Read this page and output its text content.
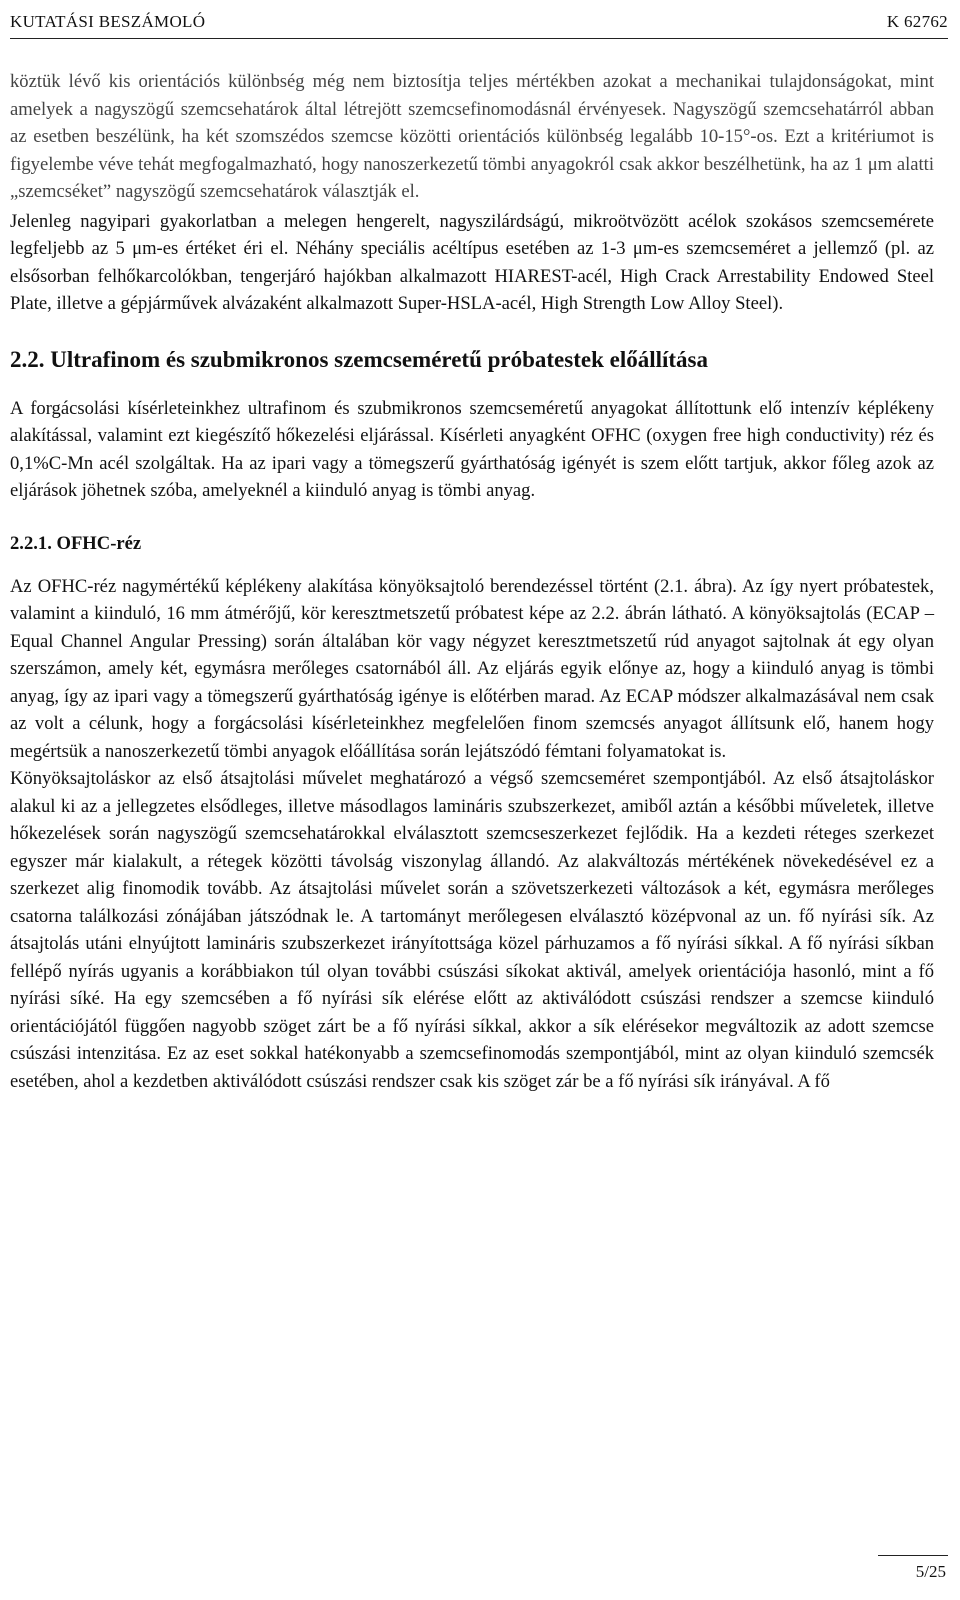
KUTATÁSI BESZÁMOLÓ	K 62762

köztük lévő kis orientációs különbség még nem biztosítja teljes mértékben azokat a mechanikai tulajdonságokat, mint amelyek a nagyszögű szemcsehatárok által létrejött szemcsefinomodásnál érvényesek. Nagyszögű szemcsehatárról abban az esetben beszélünk, ha két szomszédos szemcse közötti orientációs különbség legalább 10-15°-os. Ezt a kritériumot is figyelembe véve tehát megfogalmazható, hogy nanoszerkezetű tömbi anyagokról csak akkor beszélhetünk, ha az 1 μm alatti „szemcséket” nagyszögű szemcsehatárok választják el.

Jelenleg nagyipari gyakorlatban a melegen hengerelt, nagyszilárdságú, mikroötvözött acélok szokásos szemcsemérete legfeljebb az 5 μm-es értéket éri el. Néhány speciális acéltípus esetében az 1-3 μm-es szemcseméret a jellemző (pl. az elsősorban felhőkarcolókban, tengerjáró hajókban alkalmazott HIAREST-acél, High Crack Arrestability Endowed Steel Plate, illetve a gépjárművek alvázaként alkalmazott Super-HSLA-acél, High Strength Low Alloy Steel).

2.2. Ultrafinom és szubmikronos szemcseméretű próbatestek előállítása

A forgácsolási kísérleteinkhez ultrafinom és szubmikronos szemcseméretű anyagokat állítottunk elő intenzív képlékeny alakítással, valamint ezt kiegészítő hőkezelési eljárással. Kísérleti anyagként OFHC (oxygen free high conductivity) réz és 0,1%C-Mn acél szolgáltak. Ha az ipari vagy a tömegszerű gyárthatóság igényét is szem előtt tartjuk, akkor főleg azok az eljárások jöhetnek szóba, amelyeknél a kiinduló anyag is tömbi anyag.

2.2.1. OFHC-réz

Az OFHC-réz nagymértékű képlékeny alakítása könyöksajtoló berendezéssel történt (2.1. ábra). Az így nyert próbatestek, valamint a kiinduló, 16 mm átmérőjű, kör keresztmetszetű próbatest képe az 2.2. ábrán látható. A könyöksajtolás (ECAP – Equal Channel Angular Pressing) során általában kör vagy négyzet keresztmetszetű rúd anyagot sajtolnak át egy olyan szerszámon, amely két, egymásra merőleges csatornából áll. Az eljárás egyik előnye az, hogy a kiinduló anyag is tömbi anyag, így az ipari vagy a tömegszerű gyárthatóság igénye is előtérben marad. Az ECAP módszer alkalmazásával nem csak az volt a célunk, hogy a forgácsolási kísérleteinkhez megfelelően finom szemcsés anyagot állítsunk elő, hanem hogy megértsük a nanoszerkezetű tömbi anyagok előállítása során lejátszódó fémtani folyamatokat is.

Könyöksajtoláskor az első átsajtolási művelet meghatározó a végső szemcseméret szempontjából. Az első átsajtoláskor alakul ki az a jellegzetes elsődleges, illetve másodlagos lamináris szubszerkezet, amiből aztán a későbbi műveletek, illetve hőkezelések során nagyszögű szemcsehatárokkal elválasztott szemcseszerkezet fejlődik. Ha a kezdeti réteges szerkezet egyszer már kialakult, a rétegek közötti távolság viszonylag állandó. Az alakváltozás mértékének növekedésével ez a szerkezet alig finomodik tovább. Az átsajtolási művelet során a szövetszerkezeti változások a két, egymásra merőleges csatorna találkozási zónájában játszódnak le. A tartományt merőlegesen elválasztó középvonal az un. fő nyírási sík. Az átsajtolás utáni elnyújtott lamináris szubszerkezet irányítottsága közel párhuzamos a fő nyírási síkkal. A fő nyírási síkban fellépő nyírás ugyanis a korábbiakon túl olyan további csúszási síkokat aktivál, amelyek orientációja hasonló, mint a fő nyírási síké. Ha egy szemcsében a fő nyírási sík elérése előtt az aktiválódott csúszási rendszer a szemcse kiinduló orientációjától függően nagyobb szöget zárt be a fő nyírási síkkal, akkor a sík elérésekor megváltozik az adott szemcse csúszási intenzitása. Ez az eset sokkal hatékonyabb a szemcsefinomodás szempontjából, mint az olyan kiinduló szemcsék esetében, ahol a kezdetben aktiválódott csúszási rendszer csak kis szöget zár be a fő nyírási sík irányával. A fő

5/25
